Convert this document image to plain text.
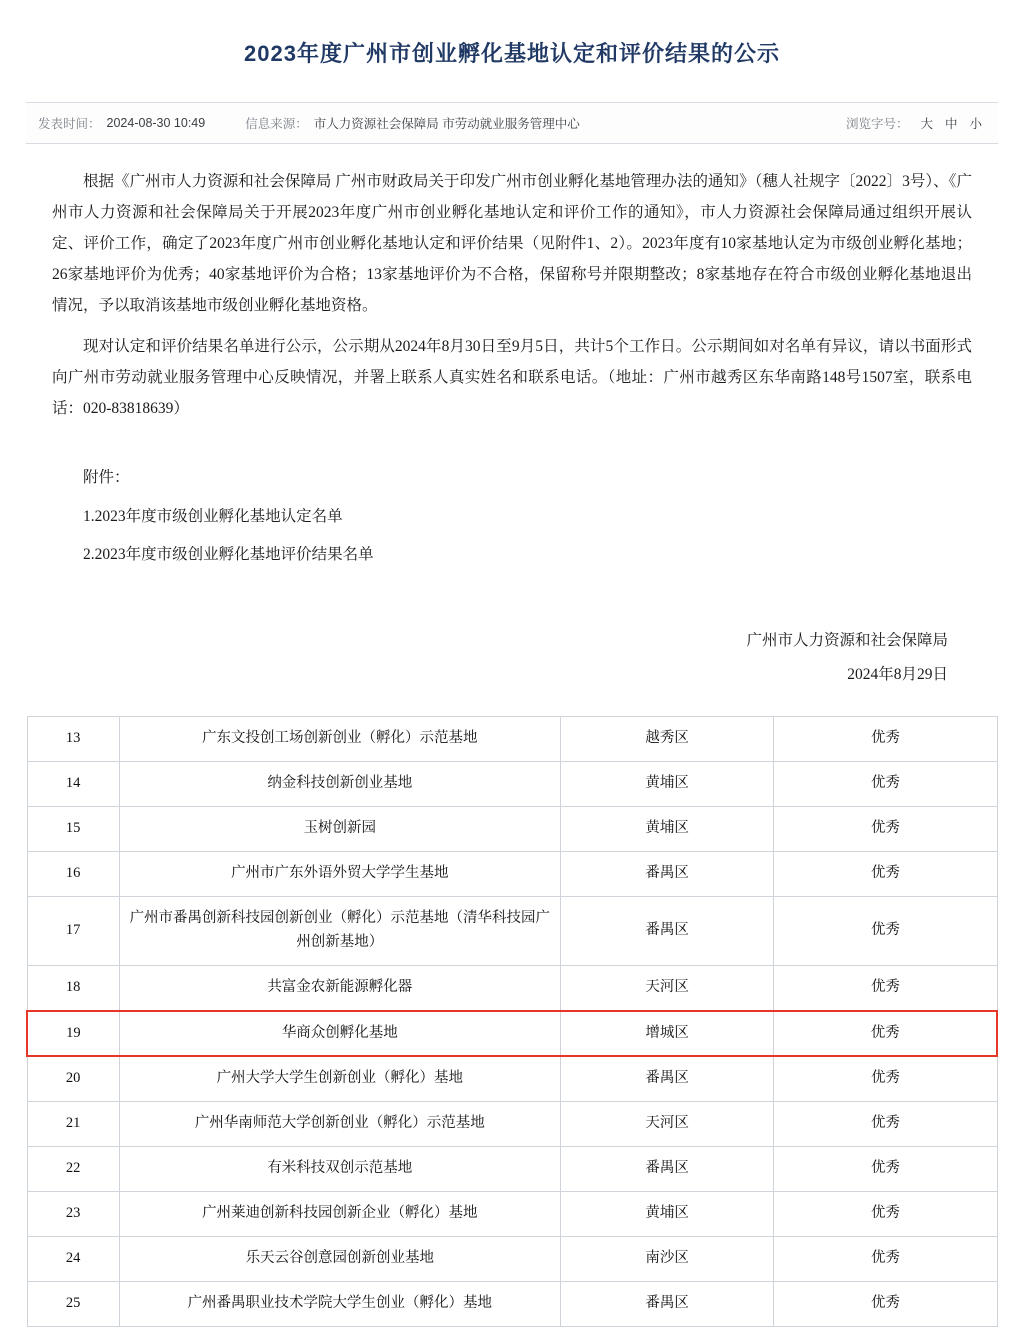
2023年度广州市创业孵化基地认定和评价结果的公示
发表时间： 2024-08-30 10:49	信息来源： 市人力资源社会保障局 市劳动就业服务管理中心	浏览字号： 大 中 小

根据《广州市人力资源和社会保障局 广州市财政局关于印发广州市创业孵化基地管理办法的通知》（穗人社规字〔2022〕3号）、《广州市人力资源和社会保障局关于开展2023年度广州市创业孵化基地认定和评价工作的通知》，市人力资源社会保障局通过组织开展认定、评价工作，确定了2023年度广州市创业孵化基地认定和评价结果（见附件1、2）。2023年度有10家基地认定为市级创业孵化基地；26家基地评价为优秀；40家基地评价为合格；13家基地评价为不合格，保留称号并限期整改；8家基地存在符合市级创业孵化基地退出情况，予以取消该基地市级创业孵化基地资格。

现对认定和评价结果名单进行公示，公示期从2024年8月30日至9月5日，共计5个工作日。公示期间如对名单有异议，请以书面形式向广州市劳动就业服务管理中心反映情况，并署上联系人真实姓名和联系电话。（地址：广州市越秀区东华南路148号1507室，联系电话：020-83818639）

附件：

1.2023年度市级创业孵化基地认定名单

2.2023年度市级创业孵化基地评价结果名单

广州市人力资源和社会保障局
2024年8月29日
13	广东文投创工场创新创业（孵化）示范基地	越秀区	优秀
14	纳金科技创新创业基地	黄埔区	优秀
15	玉树创新园	黄埔区	优秀
16	广州市广东外语外贸大学学生基地	番禺区	优秀
17	广州市番禺创新科技园创新创业（孵化）示范基地（清华科技园广州创新基地）	番禺区	优秀
18	共富金农新能源孵化器	天河区	优秀
19	华商众创孵化基地	增城区	优秀
20	广州大学大学生创新创业（孵化）基地	番禺区	优秀
21	广州华南师范大学创新创业（孵化）示范基地	天河区	优秀
22	有米科技双创示范基地	番禺区	优秀
23	广州莱迪创新科技园创新企业（孵化）基地	黄埔区	优秀
24	乐天云谷创意园创新创业基地	南沙区	优秀
25	广州番禺职业技术学院大学生创业（孵化）基地	番禺区	优秀
